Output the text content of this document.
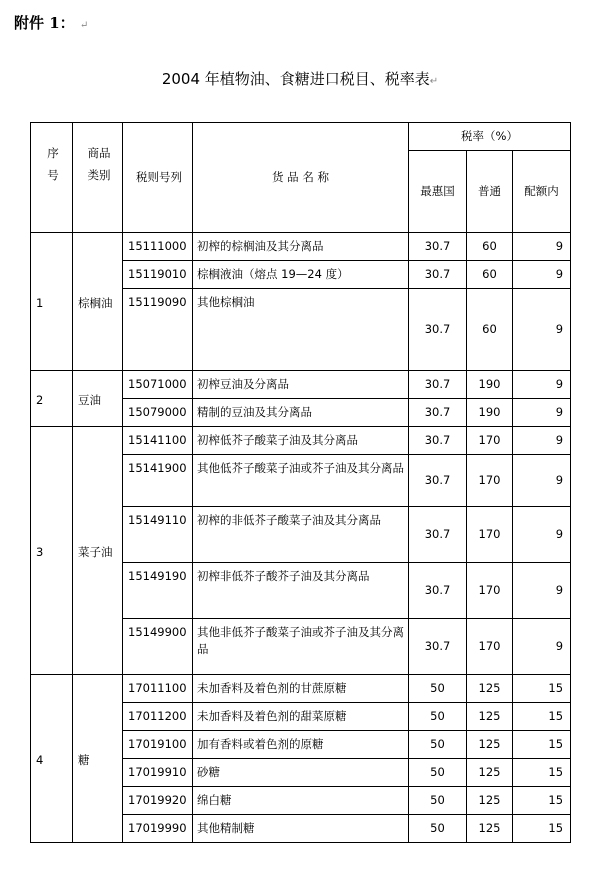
附件 1： ↵
2004 年植物油、食糖进口税目、税率表↵
序号	商品类别	税则号列	货 品 名 称	税率（%）		
				最惠国	普通	配额内
1	棕榈油	15111000	初榨的棕榈油及其分离品	30.7	60	9
		15119010	棕榈液油（熔点 19—24 度）	30.7	60	9
		15119090	其他棕榈油	30.7	60	9
2	豆油	15071000	初榨豆油及分离品	30.7	190	9
		15079000	精制的豆油及其分离品	30.7	190	9
3	菜子油	15141100	初榨低芥子酸菜子油及其分离品	30.7	170	9
		15141900	其他低芥子酸菜子油或芥子油及其分离品	30.7	170	9
		15149110	初榨的非低芥子酸菜子油及其分离品	30.7	170	9
		15149190	初榨非低芥子酸芥子油及其分离品	30.7	170	9
		15149900	其他非低芥子酸菜子油或芥子油及其分离品	30.7	170	9
4	糖	17011100	未加香料及着色剂的甘蔗原糖	50	125	15
		17011200	未加香料及着色剂的甜菜原糖	50	125	15
		17019100	加有香料或着色剂的原糖	50	125	15
		17019910	砂糖	50	125	15
		17019920	绵白糖	50	125	15
		17019990	其他精制糖	50	125	15
